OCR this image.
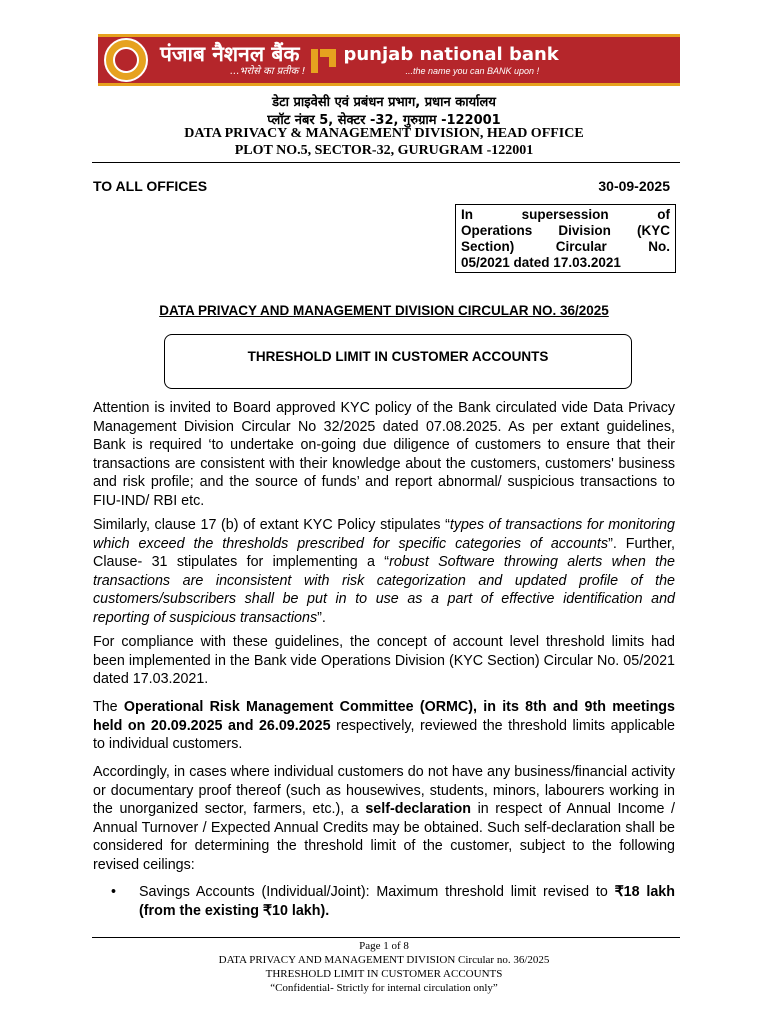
पंजाब नैशनल बैंक
...भरोसे का प्रतीक !
punjab national bank
...the name you can BANK upon !
डेटा प्राइवेसी एवं प्रबंधन प्रभाग, प्रधान कार्यालय
प्लॉट नंबर 5, सेक्टर -32, गुरुग्राम -122001
DATA PRIVACY & MANAGEMENT DIVISION, HEAD OFFICE
PLOT NO.5, SECTOR-32, GURUGRAM -122001
TO ALL OFFICES	30-09-2025
In supersession of
Operations Division (KYC
Section) Circular No.
05/2021 dated 17.03.2021
DATA PRIVACY AND MANAGEMENT DIVISION CIRCULAR NO. 36/2025
THRESHOLD LIMIT IN CUSTOMER ACCOUNTS
Attention is invited to Board approved KYC policy of the Bank circulated vide Data Privacy Management Division Circular No 32/2025 dated 07.08.2025. As per extant guidelines, Bank is required ‘to undertake on-going due diligence of customers to ensure that their transactions are consistent with their knowledge about the customers, customers' business and risk profile; and the source of funds’ and report abnormal/ suspicious transactions to FIU-IND/ RBI etc.
Similarly, clause 17 (b) of extant KYC Policy stipulates “types of transactions for monitoring which exceed the thresholds prescribed for specific categories of accounts”. Further, Clause- 31 stipulates for implementing a “robust Software throwing alerts when the transactions are inconsistent with risk categorization and updated profile of the customers/subscribers shall be put in to use as a part of effective identification and reporting of suspicious transactions”.
For compliance with these guidelines, the concept of account level threshold limits had been implemented in the Bank vide Operations Division (KYC Section) Circular No. 05/2021 dated 17.03.2021.
The Operational Risk Management Committee (ORMC), in its 8th and 9th meetings held on 20.09.2025 and 26.09.2025 respectively, reviewed the threshold limits applicable to individual customers.
Accordingly, in cases where individual customers do not have any business/financial activity or documentary proof thereof (such as housewives, students, minors, labourers working in the unorganized sector, farmers, etc.), a self-declaration in respect of Annual Income / Annual Turnover / Expected Annual Credits may be obtained. Such self-declaration shall be considered for determining the threshold limit of the customer, subject to the following revised ceilings:
• Savings Accounts (Individual/Joint): Maximum threshold limit revised to ₹18 lakh (from the existing ₹10 lakh).
Page 1 of 8
DATA PRIVACY AND MANAGEMENT DIVISION Circular no. 36/2025
THRESHOLD LIMIT IN CUSTOMER ACCOUNTS
“Confidential- Strictly for internal circulation only”
